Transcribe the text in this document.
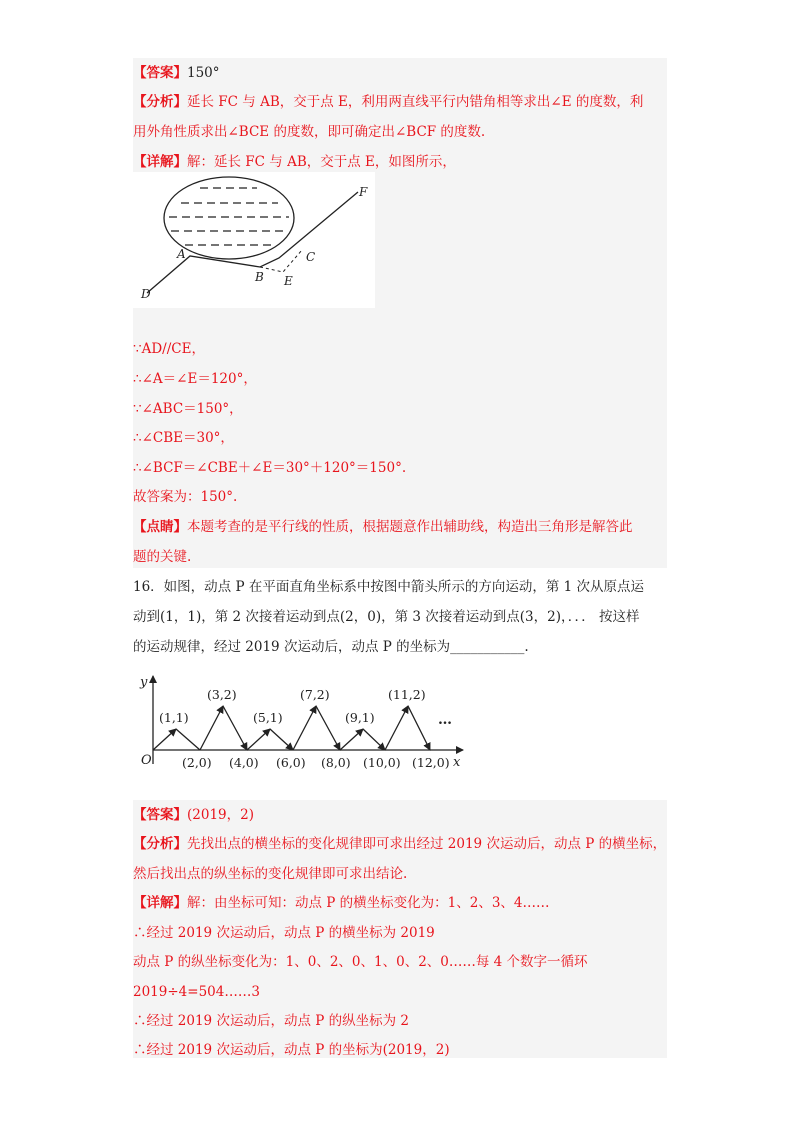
【答案】150°
【分析】延长 FC 与 AB，交于点 E，利用两直线平行内错角相等求出∠E 的度数，利
用外角性质求出∠BCE 的度数，即可确定出∠BCF 的度数.
【详解】解：延长 FC 与 AB，交于点 E，如图所示，
F
A	C
B E
D
∵AD//CE，
∴∠A＝∠E＝120°，
∵∠ABC＝150°，
∴∠CBE＝30°，
∴∠BCF＝∠CBE＋∠E＝30°＋120°＝150°.
故答案为：150°.
【点睛】本题考查的是平行线的性质，根据题意作出辅助线，构造出三角形是解答此
题的关键.
16．如图，动点 P 在平面直角坐标系中按图中箭头所示的方向运动，第 1 次从原点运
动到(1，1)，第 2 次接着运动到点(2，0)，第 3 次接着运动到点(3，2)，．．． 按这样
的运动规律，经过 2019 次运动后，动点 P 的坐标为___________.
y
x
O
(1,1)
(3,2)
(5,1)
(7,2)
(9,1)
(11,2)
…
(2,0) (4,0) (6,0) (8,0) (10,0) (12,0)
【答案】(2019，2)
【分析】先找出点的横坐标的变化规律即可求出经过 2019 次运动后，动点 P 的横坐标，
然后找出点的纵坐标的变化规律即可求出结论.
【详解】解：由坐标可知：动点 P 的横坐标变化为：1、2、3、4……
∴经过 2019 次运动后，动点 P 的横坐标为 2019
动点 P 的纵坐标变化为：1、0、2、0、1、0、2、0……每 4 个数字一循环
2019÷4=504……3
∴经过 2019 次运动后，动点 P 的纵坐标为 2
∴经过 2019 次运动后，动点 P 的坐标为(2019，2)
